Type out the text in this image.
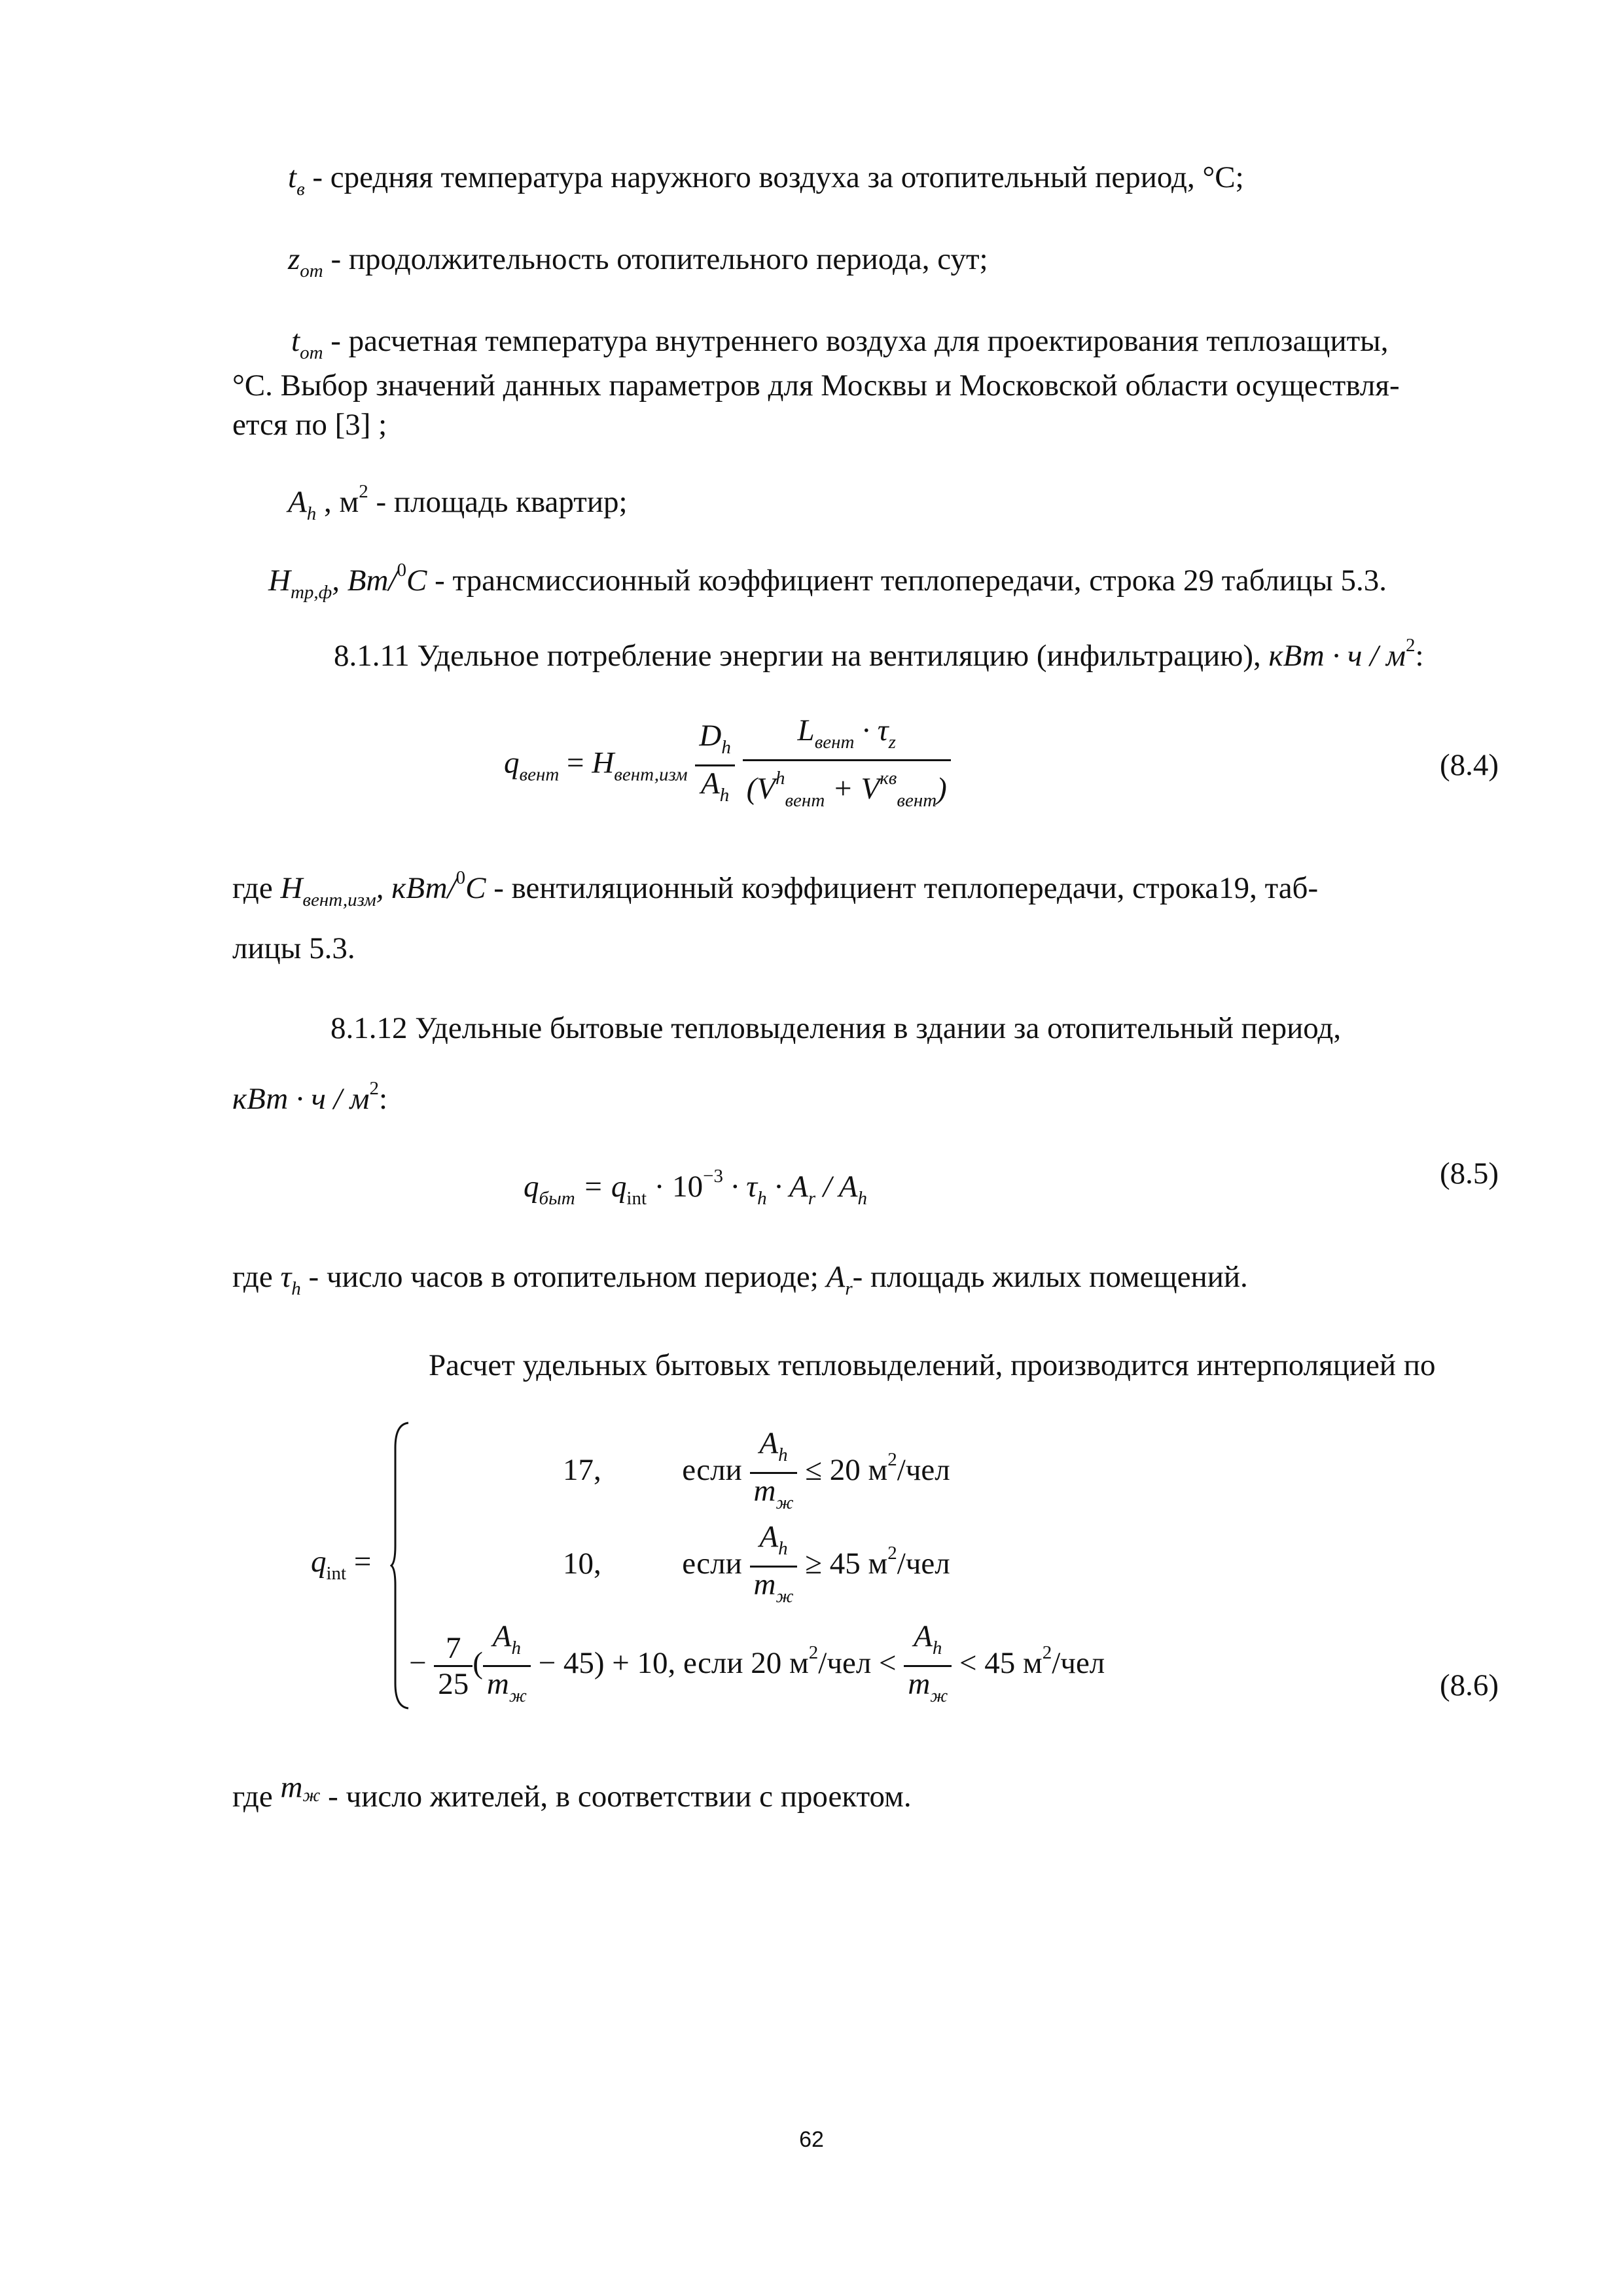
$t_в$ - средняя температура наружного воздуха за отопительный период, °С;
$z_{от}$ - продолжительность отопительного периода, сут;
$t_{от}$ - расчетная температура внутреннего воздуха для проектирования теплозащиты,
°С. Выбор значений данных параметров для Москвы и Московской области осуществля-
ется по [3] ;
$A_h$ , $м^2$ - площадь квартир;
$H_{тр,ф}$, Bт/$^0$C - трансмиссионный коэффициент теплопередачи, строка 29 таблицы 5.3.
8.1.11 Удельное потребление энергии на вентиляцию (инфильтрацию), кВт · ч / $м^2$:
$q_{вент} = H_{вент,изм} \frac{D_h}{A_h}$
$\frac{L_{вент} \cdot \tau_z}{(V^h_{вент} + V^{кв}_{вент})}$	(8.4)
где $H_{вент,изм}$, кВт/$^0$C - вентиляционный коэффициент теплопередачи, строка19, таб-
лицы 5.3.
8.1.12 Удельные бытовые тепловыделения в здании за отопительный период,
кВт · ч / $м^2$:
$q_{быт} = q_{int} \cdot 10^{-3} \cdot \tau_h \cdot A_r / A_h$
(8.5)
где $\tau_h$ - число часов в отопительном периоде; $A_r-$ площадь жилых помещений.
Расчет удельных бытовых тепловыделений, производится интерполяцией по
$q_{int}$ =
17,	если $\frac{A_h}{m_ж} \le 20$ $м^2$/чел
10,	если $\frac{A_h}{m_ж} \ge 45$ $м^2$/чел
− $\frac{7}{25}$ ( $\frac{A_h}{m_ж} - 45) + 10$, если 20 $м^2$/чел < $\frac{A_h}{m_ж} < 45$ $м^2$/чел
(8.6)
где $m^ж$ - число жителей, в соответствии с проектом.
62
